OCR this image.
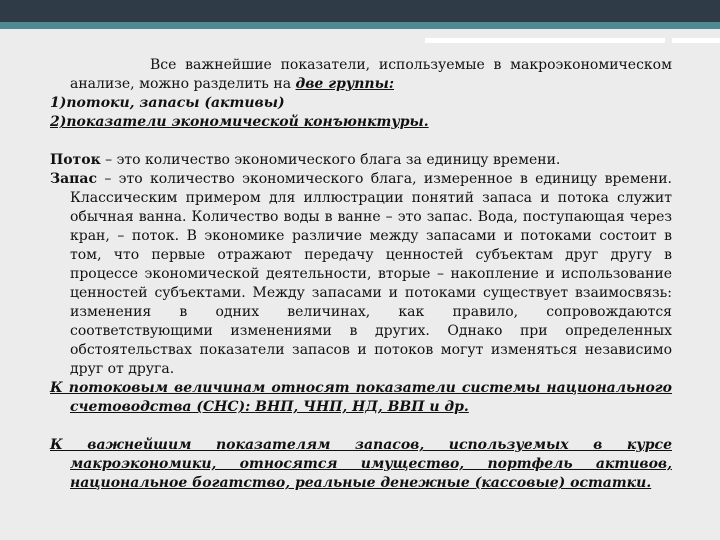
Все важнейшие показатели, используемые в макроэкономическом анализе, можно разделить на две группы:

1)потоки, запасы (активы)

2)показатели экономической конъюнктуры.

Поток – это количество экономического блага за единицу времени.

Запас – это количество экономического блага, измеренное в единицу времени. Классическим примером для иллюстрации понятий запаса и потока служит обычная ванна. Количество воды в ванне – это запас. Вода, поступающая через кран, – поток. В экономике различие между запасами и потоками состоит в том, что первые отражают передачу ценностей субъектам друг другу в процессе экономической деятельности, вторые – накопление и использование ценностей субъектами. Между запасами и потоками существует взаимосвязь: изменения в одних величинах, как правило, сопровождаются соответствующими изменениями в других. Однако при определенных обстоятельствах показатели запасов и потоков могут изменяться независимо друг от друга.

К потоковым величинам относят показатели системы национального счетоводства (СНС): ВНП, ЧНП, НД, ВВП и др.

К важнейшим показателям запасов, используемых в курсе макроэкономики, относятся имущество, портфель активов, национальное богатство, реальные денежные (кассовые) остатки.
